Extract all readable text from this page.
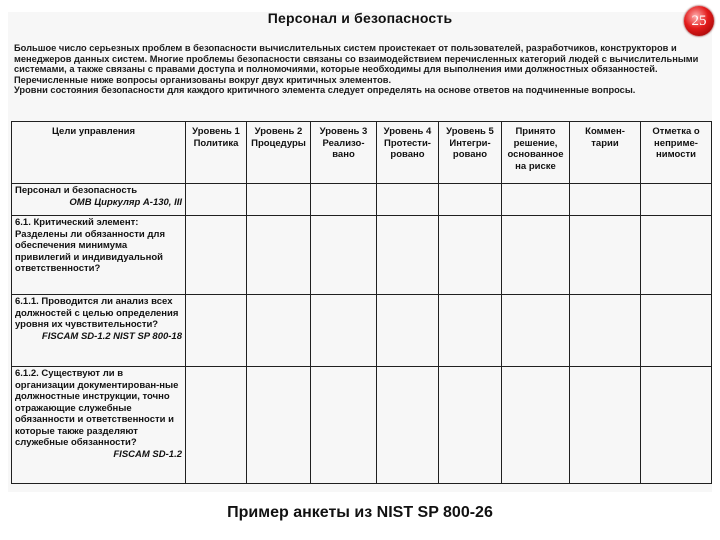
Персонал и безопасность	25

Большое число серьезных проблем в безопасности вычислительных систем проистекает от пользователей, разработчиков, конструкторов и менеджеров данных систем. Многие проблемы безопасности связаны со взаимодействием перечисленных категорий людей с вычислительными системами, а также связаны с правами доступа и полномочиями, которые необходимы для выполнения ими должностных обязанностей. Перечисленные ниже вопросы организованы вокруг двух критичных элементов.

Уровни состояния безопасности для каждого критичного элемента следует определять на основе ответов на подчиненные вопросы.

Цели управления	Уровень 1 Политика	Уровень 2 Процедуры	Уровень 3 Реализо-вано	Уровень 4 Протести-ровано	Уровень 5 Интегри-ровано	Принято решение, основанное на риске	Коммен-тарии	Отметка о неприме-нимости

Персонал и безопасность
OMB Циркуляр А-130, III								

6.1. Критический элемент: Разделены ли обязанности для обеспечения минимума привилегий и индивидуальной ответственности?								

6.1.1. Проводится ли анализ всех должностей с целью определения уровня их чувствительности?
FISCAM SD-1.2 NIST SP 800-18								

6.1.2. Существуют ли в организации документирован-ные должностные инструкции, точно отражающие служебные обязанности и ответственности и которые также разделяют служебные обязанности?
FISCAM SD-1.2								

Пример анкеты из NIST SP 800-26
